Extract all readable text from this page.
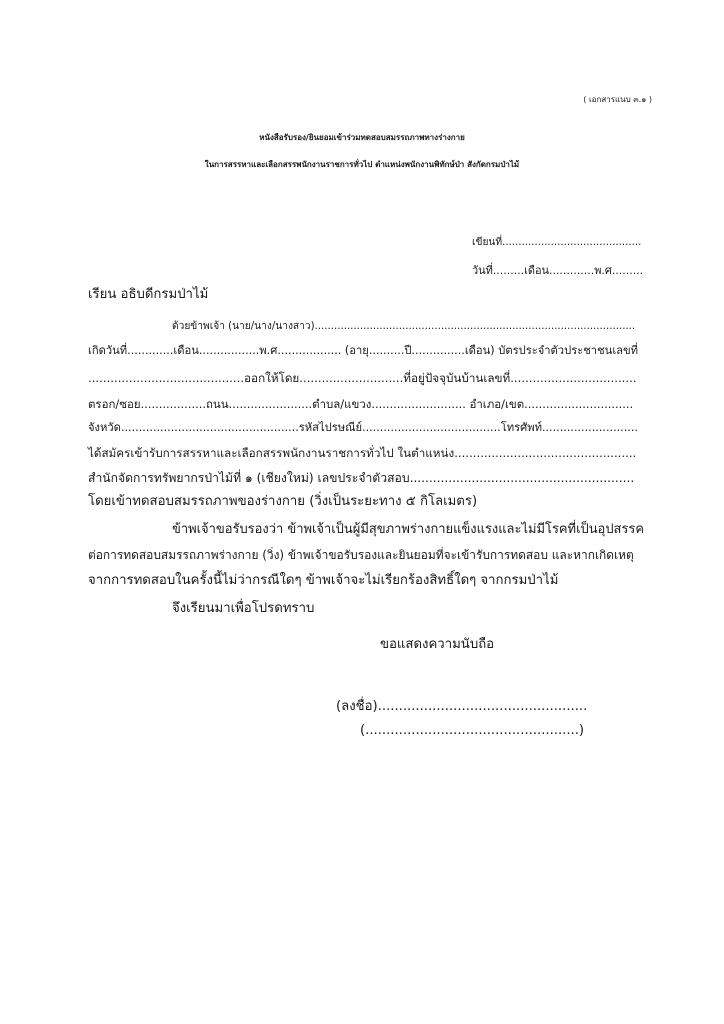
( เอกสารแนบ ๓.๑ )
หนังสือรับรอง/ยินยอมเข้าร่วมทดสอบสมรรถภาพทางร่างกาย
ในการสรรหาและเลือกสรรพนักงานราชการทั่วไป ตำแหน่งพนักงานพิทักษ์ป่า สังกัดกรมป่าไม้
เขียนที่...........................................
วันที่.........เดือน.............พ.ศ.........
เรียน อธิบดีกรมป่าไม้
ด้วยข้าพเจ้า (นาย/นาง/นางสาว)...................................................................................................
เกิดวันที่.............เดือน.................พ.ศ.................. (อายุ..........ปี...............เดือน) บัตรประจำตัวประชาชนเลขที่
..........................................ออกให้โดย............................ที่อยู่ปัจจุบันบ้านเลขที่..................................
ตรอก/ซอย..................ถนน.......................ตำบล/แขวง.......................... อำเภอ/เขต..............................
จังหวัด..................................................รหัสไปรษณีย์.......................................โทรศัพท์...........................
ได้สมัครเข้ารับการสรรหาและเลือกสรรพนักงานราชการทั่วไป ในตำแหน่ง.................................................
สำนักจัดการทรัพยากรป่าไม้ที่ ๑ (เชียงใหม่) เลขประจำตัวสอบ..........................................................
โดยเข้าทดสอบสมรรถภาพของร่างกาย (วิ่งเป็นระยะทาง ๕ กิโลเมตร)
ข้าพเจ้าขอรับรองว่า ข้าพเจ้าเป็นผู้มีสุขภาพร่างกายแข็งแรงและไม่มีโรคที่เป็นอุปสรรค
ต่อการทดสอบสมรรถภาพร่างกาย (วิ่ง) ข้าพเจ้าขอรับรองและยินยอมที่จะเข้ารับการทดสอบ และหากเกิดเหตุ
จากการทดสอบในครั้งนี้ไม่ว่ากรณีใดๆ ข้าพเจ้าจะไม่เรียกร้องสิทธิ์ใดๆ จากกรมป่าไม้
จึงเรียนมาเพื่อโปรดทราบ
ขอแสดงความนับถือ
(ลงชื่อ)..................................................
(...................................................)
